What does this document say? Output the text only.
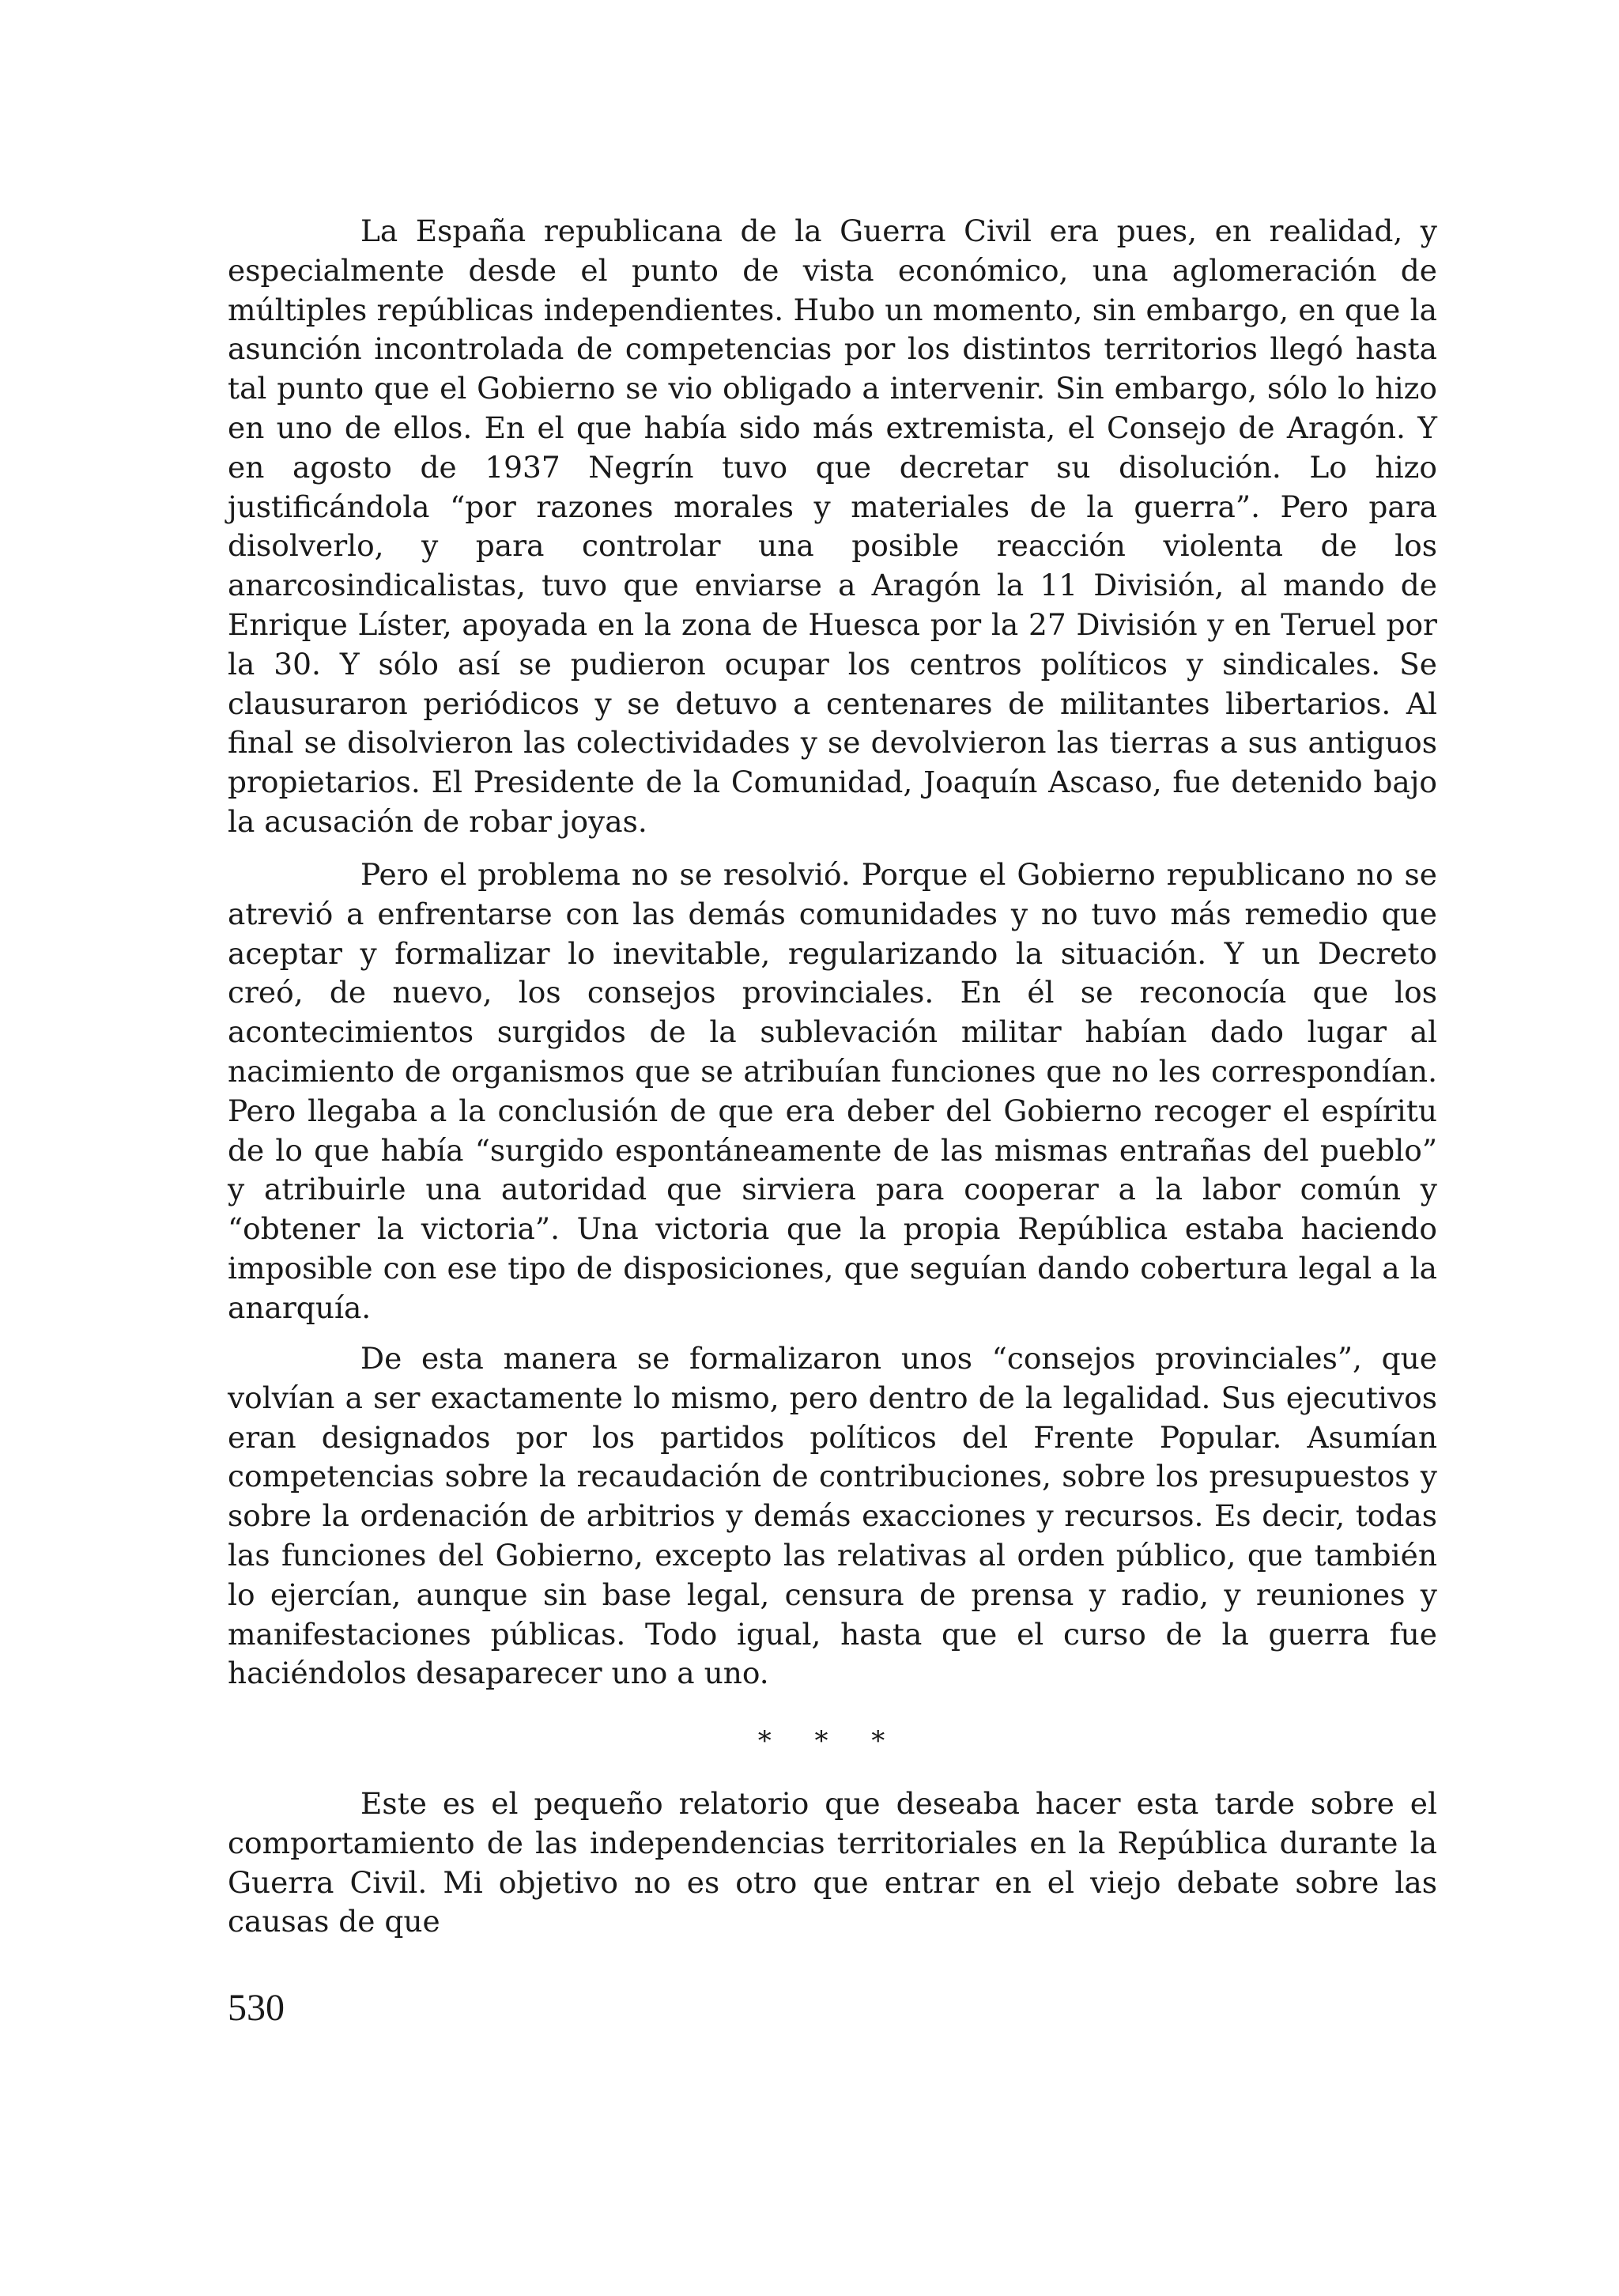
La España republicana de la Guerra Civil era pues, en realidad, y especialmente desde el punto de vista económico, una aglomeración de múltiples repúblicas independientes. Hubo un momento, sin embargo, en que la asunción incontrolada de competencias por los distintos territorios llegó hasta tal punto que el Gobierno se vio obligado a intervenir. Sin embargo, sólo lo hizo en uno de ellos. En el que había sido más extremista, el Consejo de Aragón. Y en agosto de 1937 Negrín tuvo que decretar su disolución. Lo hizo justificándola “por razones morales y materiales de la guerra”. Pero para disolverlo, y para controlar una posible reacción violenta de los anarcosindicalistas, tuvo que enviarse a Aragón la 11 División, al mando de Enrique Líster, apoyada en la zona de Huesca por la 27 División y en Teruel por la 30. Y sólo así se pudieron ocupar los centros políticos y sindicales. Se clausuraron periódicos y se detuvo a centenares de militantes libertarios. Al final se disolvieron las colectividades y se devolvieron las tierras a sus antiguos propietarios. El Presidente de la Comunidad, Joaquín Ascaso, fue detenido bajo la acusación de robar joyas.

Pero el problema no se resolvió. Porque el Gobierno republicano no se atrevió a enfrentarse con las demás comunidades y no tuvo más remedio que aceptar y formalizar lo inevitable, regularizando la situación. Y un Decreto creó, de nuevo, los consejos provinciales. En él se reconocía que los acontecimientos surgidos de la sublevación militar habían dado lugar al nacimiento de organismos que se atribuían funciones que no les correspondían. Pero llegaba a la conclusión de que era deber del Gobierno recoger el espíritu de lo que había “surgido espontáneamente de las mismas entrañas del pueblo” y atribuirle una autoridad que sirviera para cooperar a la labor común y “obtener la victoria”. Una victoria que la propia República estaba haciendo imposible con ese tipo de disposiciones, que seguían dando cobertura legal a la anarquía.

De esta manera se formalizaron unos “consejos provinciales”, que volvían a ser exactamente lo mismo, pero dentro de la legalidad. Sus ejecutivos eran designados por los partidos políticos del Frente Popular. Asumían competencias sobre la recaudación de contribuciones, sobre los presupuestos y sobre la ordenación de arbitrios y demás exacciones y recursos. Es decir, todas las funciones del Gobierno, excepto las relativas al orden público, que también lo ejercían, aunque sin base legal, censura de prensa y radio, y reuniones y manifestaciones públicas. Todo igual, hasta que el curso de la guerra fue haciéndolos desaparecer uno a uno.

* * *

Este es el pequeño relatorio que deseaba hacer esta tarde sobre el comportamiento de las independencias territoriales en la República durante la Guerra Civil. Mi objetivo no es otro que entrar en el viejo debate sobre las causas de que

530
